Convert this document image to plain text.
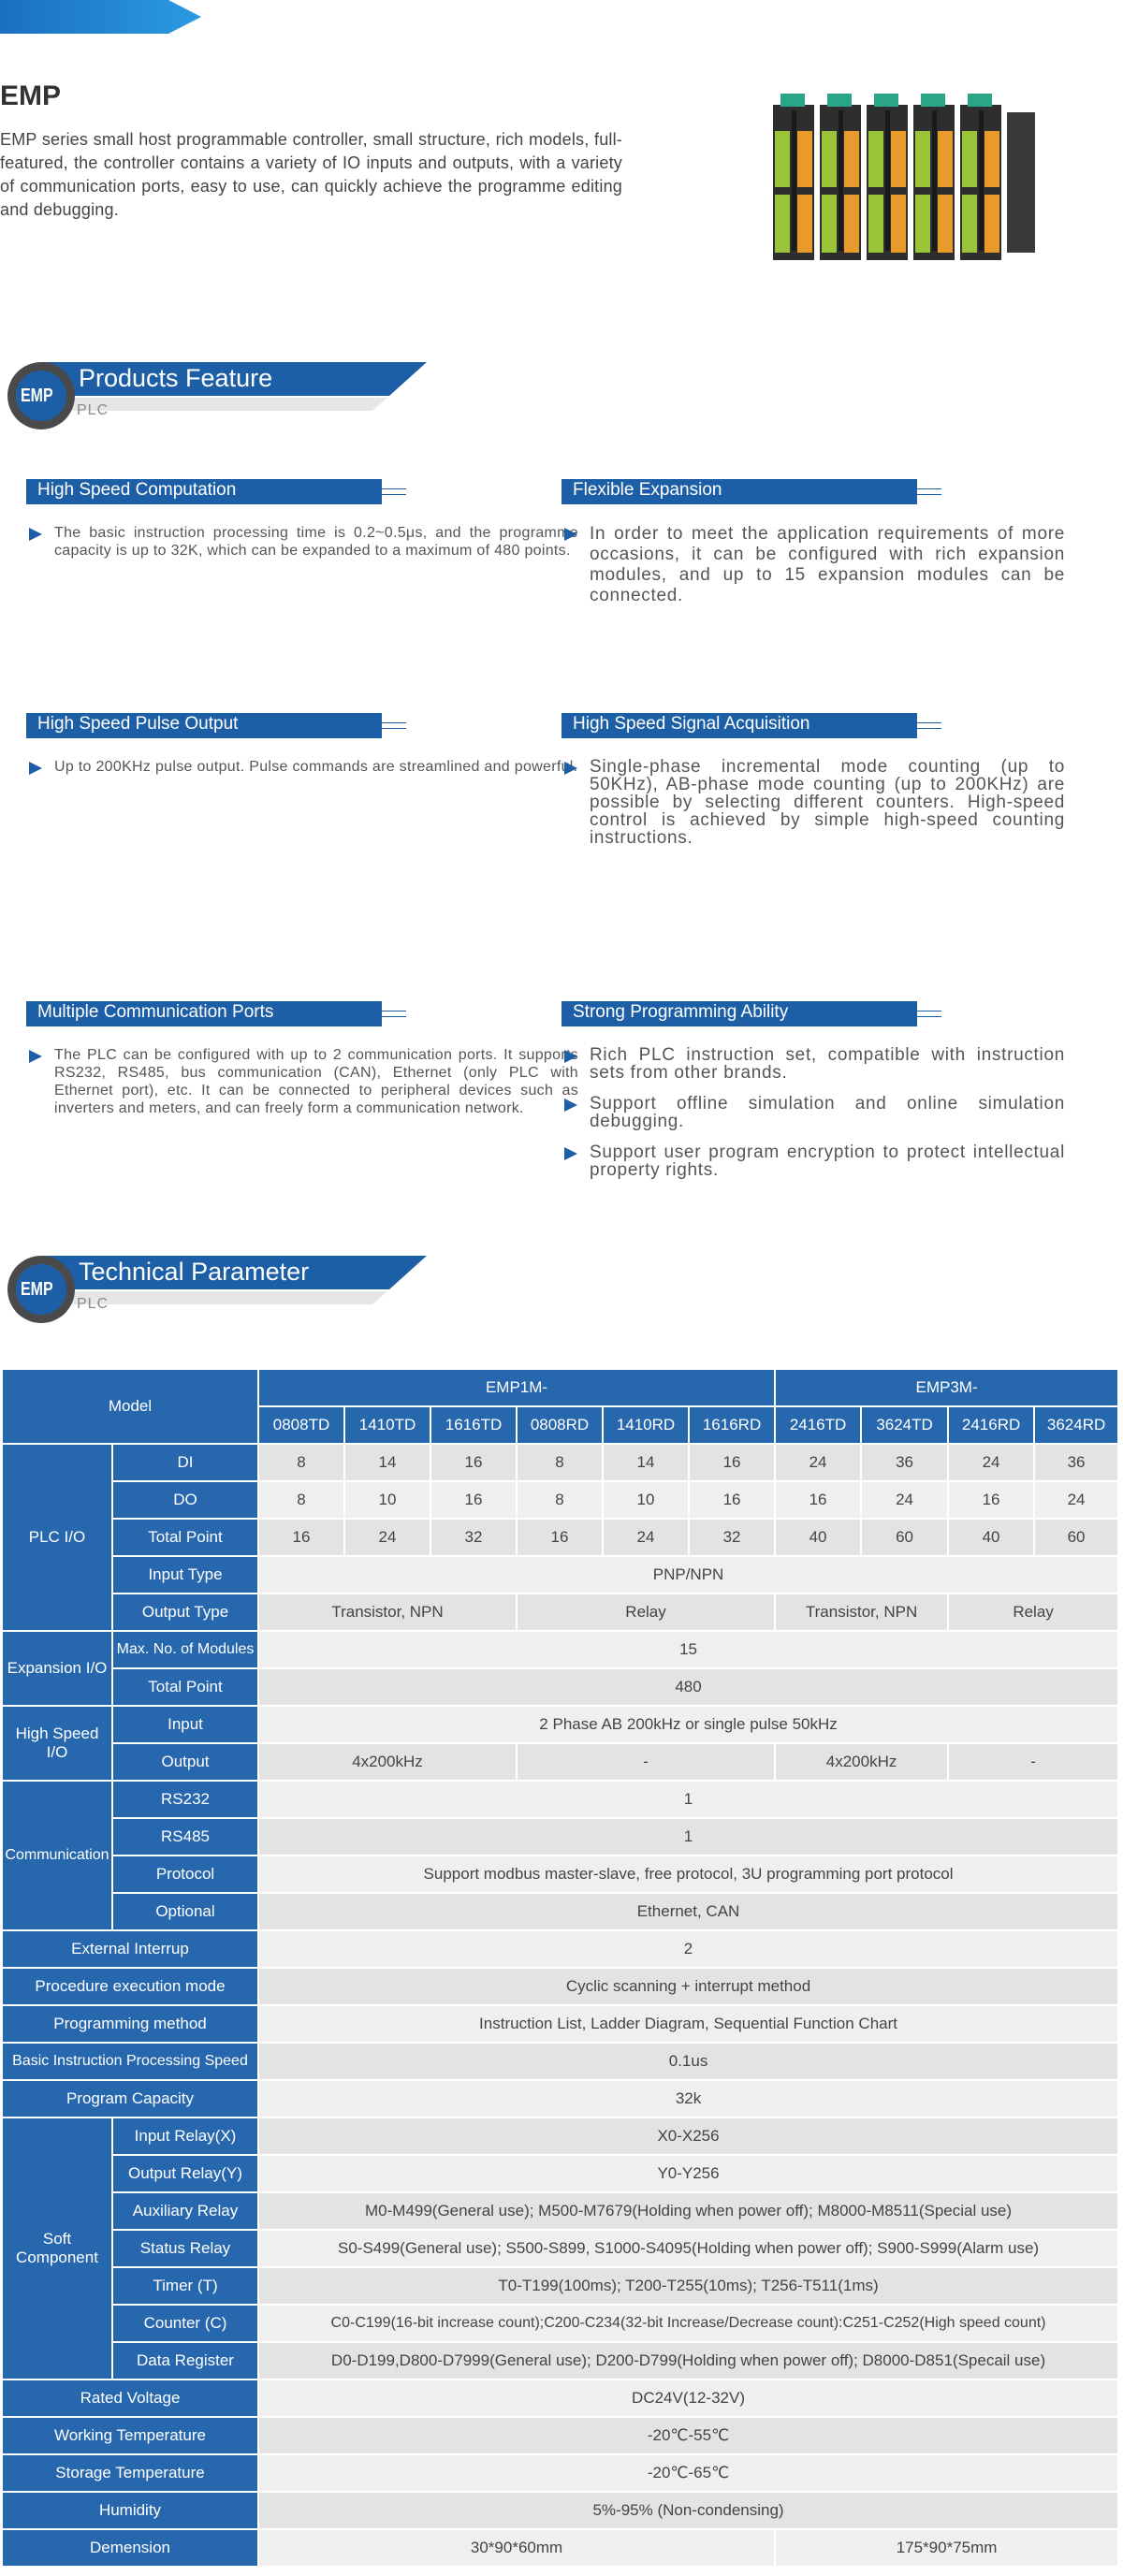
EMP

EMP series small host programmable controller, small structure, rich models, full-featured, the controller contains a variety of IO inputs and outputs, with a variety of communication ports, easy to use, can quickly achieve the programme editing and debugging.

EMP
Products Feature
PLC
High Speed Computation
The basic instruction processing time is 0.2~0.5μs, and the programme capacity is up to 32K, which can be expanded to a maximum of 480 points.
Flexible Expansion
In order to meet the application requirements of more occasions, it can be configured with rich expansion modules, and up to 15 expansion modules can be connected.
High Speed Pulse Output
Up to 200KHz pulse output. Pulse commands are streamlined and powerful.
High Speed Signal Acquisition
Single-phase incremental mode counting (up to 50KHz), AB-phase mode counting (up to 200KHz) are possible by selecting different counters. High-speed control is achieved by simple high-speed counting instructions.
Multiple Communication Ports
The PLC can be configured with up to 2 communication ports. It supports RS232, RS485, bus communication (CAN), Ethernet (only PLC with Ethernet port), etc. It can be connected to peripheral devices such as inverters and meters, and can freely form a communication network.
Strong Programming Ability
Rich PLC instruction set, compatible with instruction sets from other brands.
Support offline simulation and online simulation debugging.
Support user program encryption to protect intellectual property rights.
EMP
Technical Parameter
PLC
Model		EMP1M-						EMP3M-			
		0808TD	1410TD	1616TD	0808RD	1410RD	1616RD	2416TD	3624TD	2416RD	3624RD
PLC I/O	DI	8	14	16	8	14	16	24	36	24	36
	DO	8	10	16	8	10	16	16	24	16	24
	Total Point	16	24	32	16	24	32	40	60	40	60
	Input Type	PNP/NPN									
	Output Type	Transistor, NPN			Relay			Transistor, NPN		Relay	
Expansion I/O	Max. No. of Modules	15									
	Total Point	480									
High Speed I/O	Input	2 Phase AB 200kHz or single pulse 50kHz									
	Output	4x200kHz			-			4x200kHz		-	
Communication	RS232	1									
	RS485	1									
	Protocol	Support modbus master-slave, free protocol, 3U programming port protocol									
	Optional	Ethernet, CAN									
External Interrup		2									
Procedure execution mode		Cyclic scanning + interrupt method									
Programming method		Instruction List, Ladder Diagram, Sequential Function Chart									
Basic Instruction Processing Speed		0.1us									
Program Capacity		32k									
Soft Component	Input Relay(X)	X0-X256									
	Output Relay(Y)	Y0-Y256									
	Auxiliary Relay	M0-M499(General use); M500-M7679(Holding when power off); M8000-M8511(Special use)									
	Status Relay	S0-S499(General use); S500-S899, S1000-S4095(Holding when power off); S900-S999(Alarm use)									
	Timer (T)	T0-T199(100ms); T200-T255(10ms); T256-T511(1ms)									
	Counter (C)	C0-C199(16-bit increase count);C200-C234(32-bit Increase/Decrease count):C251-C252(High speed count)									
	Data Register	D0-D199,D800-D7999(General use); D200-D799(Holding when power off); D8000-D851(Specail use)									
Rated Voltage		DC24V(12-32V)									
Working Temperature		-20℃-55℃									
Storage Temperature		-20℃-65℃									
Humidity		5%-95% (Non-condensing)									
Demension		30*90*60mm						175*90*75mm			
